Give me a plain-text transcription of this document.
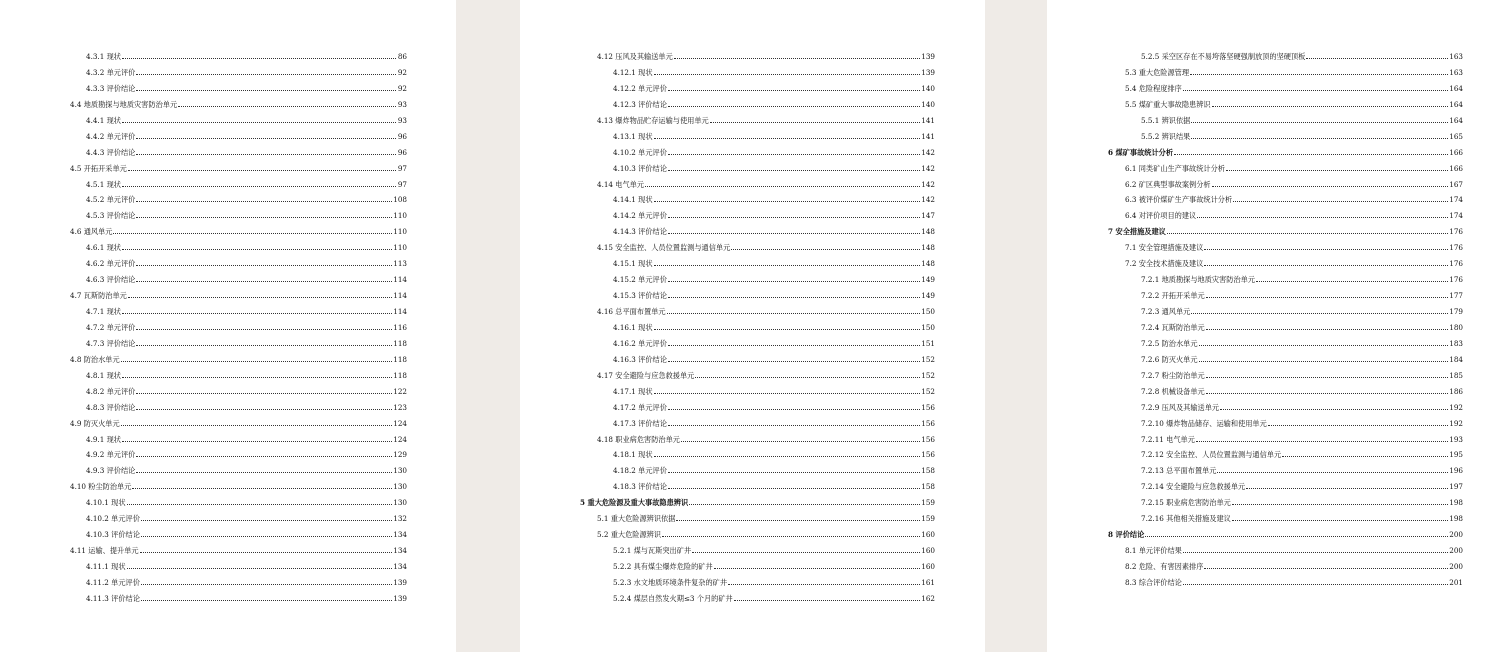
4.3.1 现状	86
4.3.2 单元评价	92
4.3.3 评价结论	92
4.4 地质勘探与地质灾害防治单元	93
4.4.1 现状	93
4.4.2 单元评价	96
4.4.3 评价结论	96
4.5 开拓开采单元	97
4.5.1 现状	97
4.5.2 单元评价	108
4.5.3 评价结论	110
4.6 通风单元	110
4.6.1 现状	110
4.6.2 单元评价	113
4.6.3 评价结论	114
4.7 瓦斯防治单元	114
4.7.1 现状	114
4.7.2 单元评价	116
4.7.3 评价结论	118
4.8 防治水单元	118
4.8.1 现状	118
4.8.2 单元评价	122
4.8.3 评价结论	123
4.9 防灭火单元	124
4.9.1 现状	124
4.9.2 单元评价	129
4.9.3 评价结论	130
4.10 粉尘防治单元	130
4.10.1 现状	130
4.10.2 单元评价	132
4.10.3 评价结论	134
4.11 运输、提升单元	134
4.11.1 现状	134
4.11.2 单元评价	139
4.11.3 评价结论	139
4.12 压风及其输送单元	139
4.12.1 现状	139
4.12.2 单元评价	140
4.12.3 评价结论	140
4.13 爆炸物品贮存运输与使用单元	141
4.13.1 现状	141
4.10.2 单元评价	142
4.10.3 评价结论	142
4.14 电气单元	142
4.14.1 现状	142
4.14.2 单元评价	147
4.14.3 评价结论	148
4.15 安全监控、人员位置监测与通信单元	148
4.15.1 现状	148
4.15.2 单元评价	149
4.15.3 评价结论	149
4.16 总平面布置单元	150
4.16.1 现状	150
4.16.2 单元评价	151
4.16.3 评价结论	152
4.17 安全避险与应急救援单元	152
4.17.1 现状	152
4.17.2 单元评价	156
4.17.3 评价结论	156
4.18 职业病危害防治单元	156
4.18.1 现状	156
4.18.2 单元评价	158
4.18.3 评价结论	158
5 重大危险源及重大事故隐患辨识	159
5.1 重大危险源辨识依据	159
5.2 重大危险源辨识	160
5.2.1 煤与瓦斯突出矿井	160
5.2.2 具有煤尘爆炸危险的矿井	160
5.2.3 水文地质环境条件复杂的矿井	161
5.2.4 煤层自然发火期≤3 个月的矿井	162
5.2.5 采空区存在不易垮落坚硬强制放顶的坚硬顶板	163
5.3 重大危险源管理	163
5.4 危险程度排序	164
5.5 煤矿重大事故隐患辨识	164
5.5.1 辨识依据	164
5.5.2 辨识结果	165
6 煤矿事故统计分析	166
6.1 同类矿山生产事故统计分析	166
6.2 矿区典型事故案例分析	167
6.3 被评价煤矿生产事故统计分析	174
6.4 对评价项目的建议	174
7 安全措施及建议	176
7.1 安全管理措施及建议	176
7.2 安全技术措施及建议	176
7.2.1 地质勘探与地质灾害防治单元	176
7.2.2 开拓开采单元	177
7.2.3 通风单元	179
7.2.4 瓦斯防治单元	180
7.2.5 防治水单元	183
7.2.6 防灭火单元	184
7.2.7 粉尘防治单元	185
7.2.8 机械设备单元	186
7.2.9 压风及其输送单元	192
7.2.10 爆炸物品储存、运输和使用单元	192
7.2.11 电气单元	193
7.2.12 安全监控、人员位置监测与通信单元	195
7.2.13 总平面布置单元	196
7.2.14 安全避险与应急救援单元	197
7.2.15 职业病危害防治单元	198
7.2.16 其他相关措施及建议	198
8 评价结论	200
8.1 单元评价结果	200
8.2 危险、有害因素排序	200
8.3 综合评价结论	201
